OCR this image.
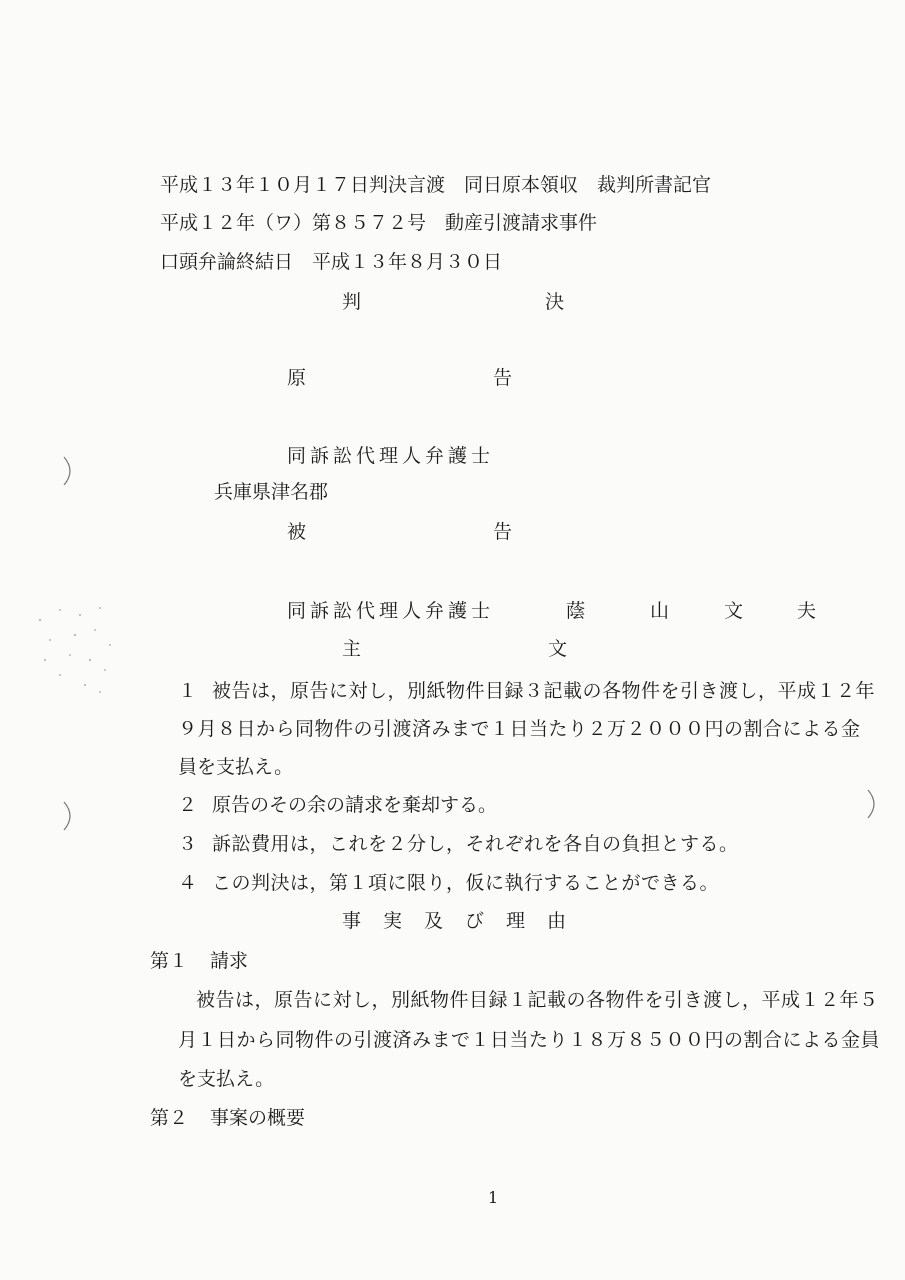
平成１３年１０月１７日判決言渡　同日原本領収　裁判所書記官
平成１２年（ワ）第８５７２号　動産引渡請求事件
口頭弁論終結日　平成１３年８月３０日
判	決
原	告
同訴訟代理人弁護士
兵庫県津名郡
被	告
同訴訟代理人弁護士	蔭	山	文	夫
主	文
１ 被告は，原告に対し，別紙物件目録３記載の各物件を引き渡し，平成１２年
９月８日から同物件の引渡済みまで１日当たり２万２０００円の割合による金
員を支払え。
２ 原告のその余の請求を棄却する。
３ 訴訟費用は，これを２分し，それぞれを各自の負担とする。
４ この判決は，第１項に限り，仮に執行することができる。
事 実 及 び 理 由
第１ 請求
被告は，原告に対し，別紙物件目録１記載の各物件を引き渡し，平成１２年５
月１日から同物件の引渡済みまで１日当たり１８万８５００円の割合による金員
を支払え。
第２ 事案の概要
1
